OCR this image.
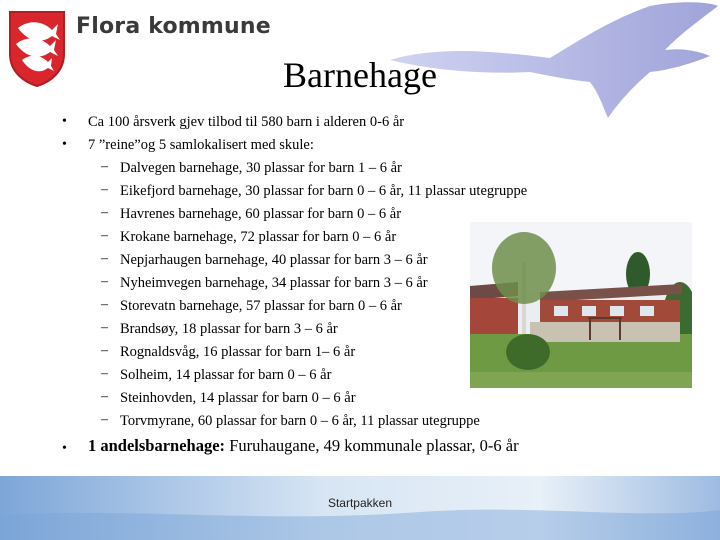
Flora kommune
Barnehage
• Ca 100 årsverk gjev tilbod til 580 barn i alderen 0-6 år
• 7 ”reine”og 5 samlokalisert med skule:
– Dalvegen barnehage, 30 plassar for barn 1 – 6 år
– Eikefjord barnehage, 30 plassar for barn 0 – 6 år, 11 plassar utegruppe
– Havrenes barnehage, 60 plassar for barn 0 – 6 år
– Krokane barnehage, 72 plassar for barn 0 – 6 år
– Nepjarhaugen barnehage, 40 plassar for barn 3 – 6 år
– Nyheimvegen barnehage, 34 plassar for barn 3 – 6 år
– Storevatn barnehage, 57 plassar for barn 0 – 6 år
– Brandsøy, 18 plassar for barn 3 – 6 år
– Rognaldsvåg, 16 plassar for barn 1– 6 år
– Solheim, 14 plassar for barn 0 – 6 år
– Steinhovden, 14 plassar for barn 0 – 6 år
– Torvmyrane, 60 plassar for barn 0 – 6 år, 11 plassar utegruppe
• 1 andelsbarnehage: Furuhaugane, 49 kommunale plassar, 0-6 år
Startpakken
